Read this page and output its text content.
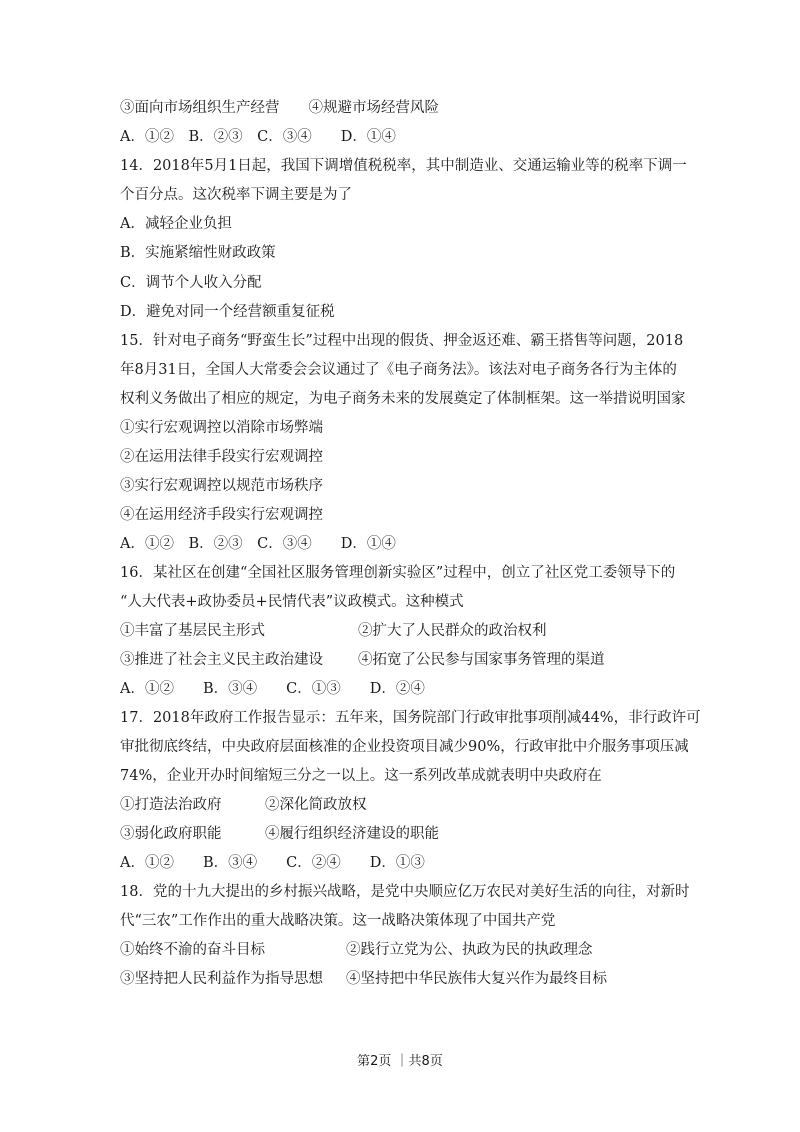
③面向市场组织生产经营　　④规避市场经营风险
A．①②　B．②③　C．③④　　D．①④
14．2018年5月1日起，我国下调增值税税率，其中制造业、交通运输业等的税率下调一
个百分点。这次税率下调主要是为了
A．减轻企业负担
B．实施紧缩性财政政策
C．调节个人收入分配
D．避免对同一个经营额重复征税
15．针对电子商务“野蛮生长”过程中出现的假货、押金返还难、霸王搭售等问题，2018
年8月31日，全国人大常委会会议通过了《电子商务法》。该法对电子商务各行为主体的
权利义务做出了相应的规定，为电子商务未来的发展奠定了体制框架。这一举措说明国家
①实行宏观调控以消除市场弊端
②在运用法律手段实行宏观调控
③实行宏观调控以规范市场秩序
④在运用经济手段实行宏观调控
A．①②　B．②③　C．③④　　D．①④
16．某社区在创建“全国社区服务管理创新实验区”过程中，创立了社区党工委领导下的
“人大代表+政协委员+民情代表”议政模式。这种模式
①丰富了基层民主形式	②扩大了人民群众的政治权利
③推进了社会主义民主政治建设 ④拓宽了公民参与国家事务管理的渠道
A．①②　　B．③④　　C．①③　　D．②④
17．2018年政府工作报告显示：五年来，国务院部门行政审批事项削减44%，非行政许可
审批彻底终结，中央政府层面核准的企业投资项目减少90%，行政审批中介服务事项压减
74%，企业开办时间缩短三分之一以上。这一系列改革成就表明中央政府在
①打造法治政府　　　②深化简政放权
③弱化政府职能　　　④履行组织经济建设的职能
A．①②　　B．③④　　C．②④　　D．①③
18．党的十九大提出的乡村振兴战略，是党中央顺应亿万农民对美好生活的向往，对新时
代“三农”工作作出的重大战略决策。这一战略决策体现了中国共产党
①始终不渝的奋斗目标	②践行立党为公、执政为民的执政理念
③坚持把人民利益作为指导思想 ④坚持把中华民族伟大复兴作为最终目标
第2页 ｜共8页
